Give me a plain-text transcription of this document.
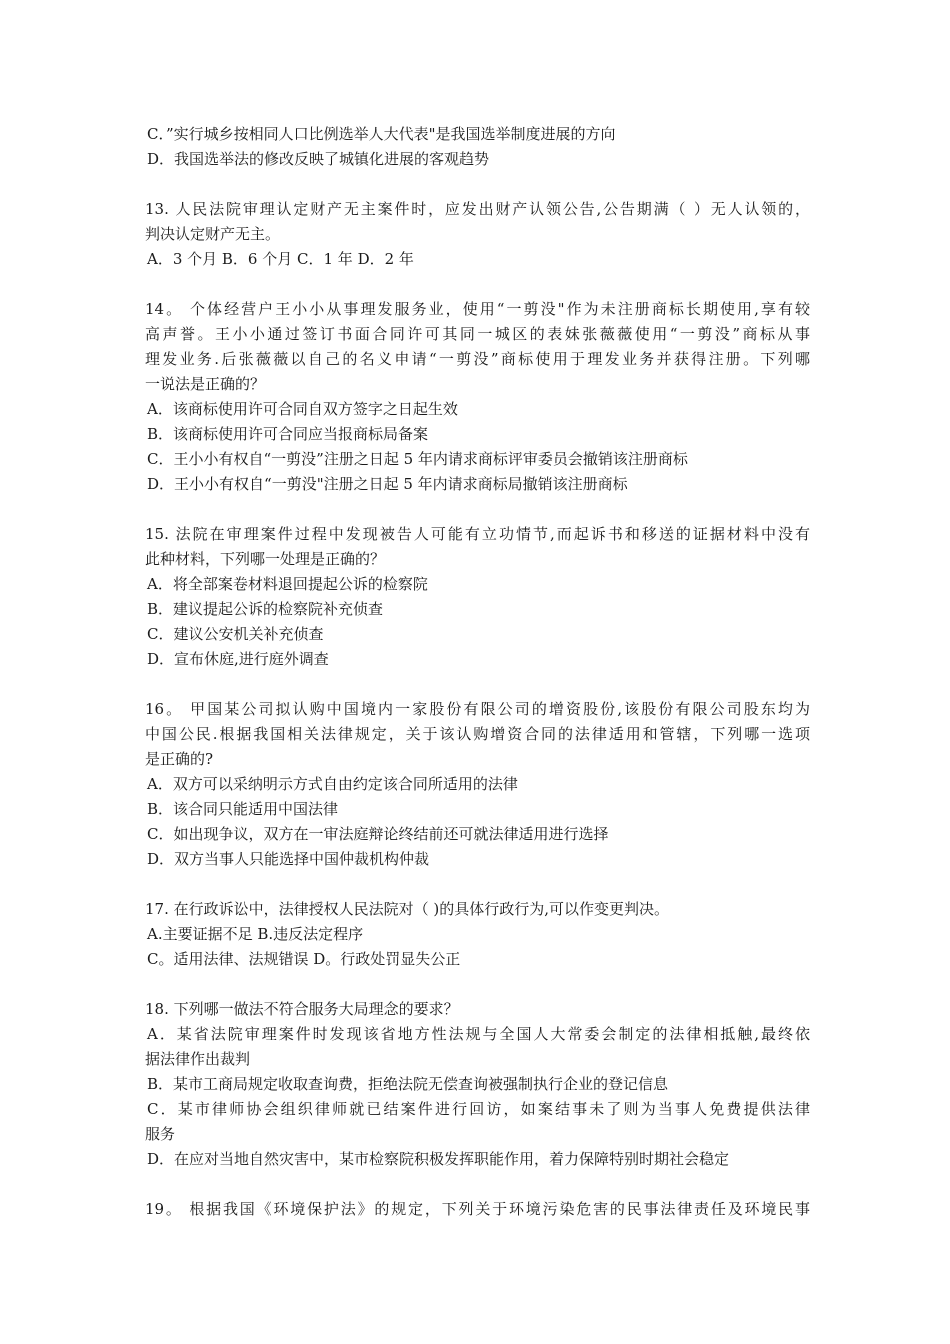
C．”实行城乡按相同人口比例选举人大代表"是我国选举制度进展的方向
D．我国选举法的修改反映了城镇化进展的客观趋势
13. 人民法院审理认定财产无主案件时，应发出财产认领公告,公告期满（ ）无人认领的，
判决认定财产无主。
A．3 个月 B．6 个月 C．1 年 D．2 年
14。 个体经营户王小小从事理发服务业，使用“一剪没"作为未注册商标长期使用,享有较
高声誉。王小小通过签订书面合同许可其同一城区的表妹张薇薇使用“一剪没”商标从事
理发业务.后张薇薇以自己的名义申请“一剪没”商标使用于理发业务并获得注册。下列哪
一说法是正确的？
A．该商标使用许可合同自双方签字之日起生效
B．该商标使用许可合同应当报商标局备案
C．王小小有权自“一剪没”注册之日起 5 年内请求商标评审委员会撤销该注册商标
D．王小小有权自“一剪没"注册之日起 5 年内请求商标局撤销该注册商标
15. 法院在审理案件过程中发现被告人可能有立功情节,而起诉书和移送的证据材料中没有
此种材料，下列哪一处理是正确的？
A．将全部案卷材料退回提起公诉的检察院
B．建议提起公诉的检察院补充侦查
C．建议公安机关补充侦查
D．宣布休庭,进行庭外调查
16。 甲国某公司拟认购中国境内一家股份有限公司的增资股份,该股份有限公司股东均为
中国公民.根据我国相关法律规定，关于该认购增资合同的法律适用和管辖，下列哪一选项
是正确的?
A．双方可以采纳明示方式自由约定该合同所适用的法律
B．该合同只能适用中国法律
C．如出现争议，双方在一审法庭辩论终结前还可就法律适用进行选择
D．双方当事人只能选择中国仲裁机构仲裁
17. 在行政诉讼中，法律授权人民法院对（ )的具体行政行为,可以作变更判决。
A.主要证据不足 B.违反法定程序
C。适用法律、法规错误 D。行政处罚显失公正
18. 下列哪一做法不符合服务大局理念的要求？
A．某省法院审理案件时发现该省地方性法规与全国人大常委会制定的法律相抵触,最终依
据法律作出裁判
B．某市工商局规定收取查询费，拒绝法院无偿查询被强制执行企业的登记信息
C．某市律师协会组织律师就已结案件进行回访，如案结事未了则为当事人免费提供法律
服务
D．在应对当地自然灾害中，某市检察院积极发挥职能作用，着力保障特别时期社会稳定
19。 根据我国《环境保护法》的规定，下列关于环境污染危害的民事法律责任及环境民事
